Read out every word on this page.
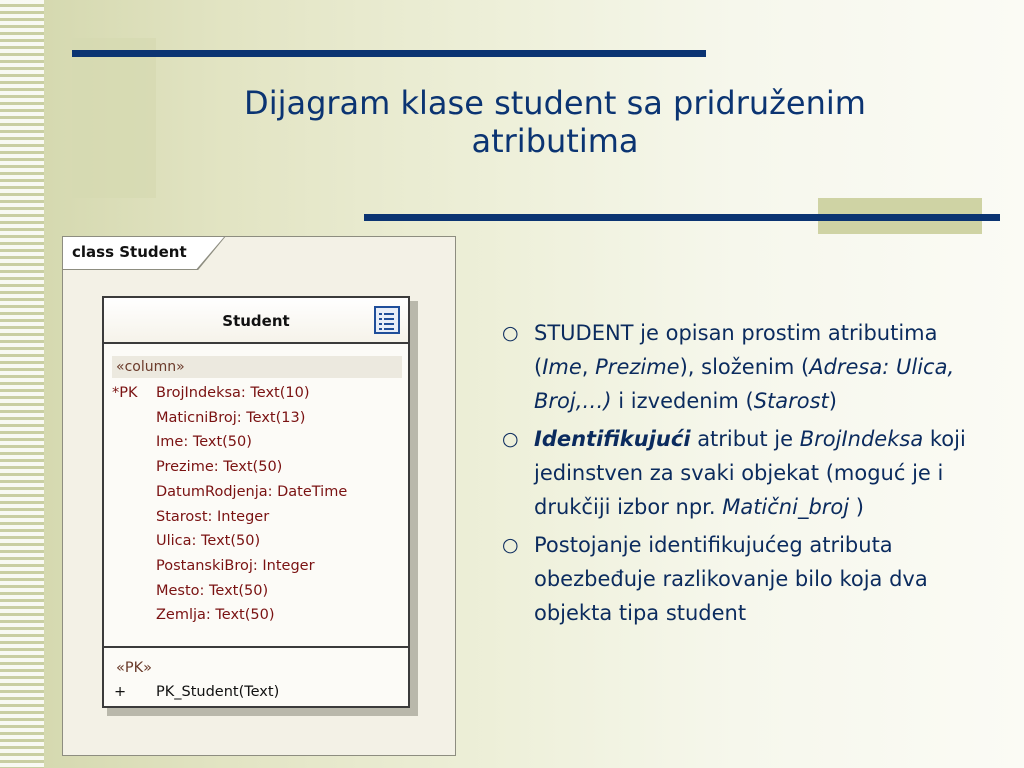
Dijagram klase student sa pridruženim
atributima
class Student
Student
«column»
*PK	BrojIndeksa: Text(10)
MaticniBroj: Text(13)
Ime: Text(50)
Prezime: Text(50)
DatumRodjenja: DateTime
Starost: Integer
Ulica: Text(50)
PostanskiBroj: Integer
Mesto: Text(50)
Zemlja: Text(50)
«PK»
+ PK_Student(Text)
○ STUDENT je opisan prostim atributima (Ime, Prezime), složenim (Adresa: Ulica, Broj,…) i izvedenim (Starost)
○ Identifikujući atribut je BrojIndeksa koji jedinstven za svaki objekat (moguć je i drukčiji izbor npr. Matični_broj )
○ Postojanje identifikujućeg atributa obezbeđuje razlikovanje bilo koja dva objekta tipa student
